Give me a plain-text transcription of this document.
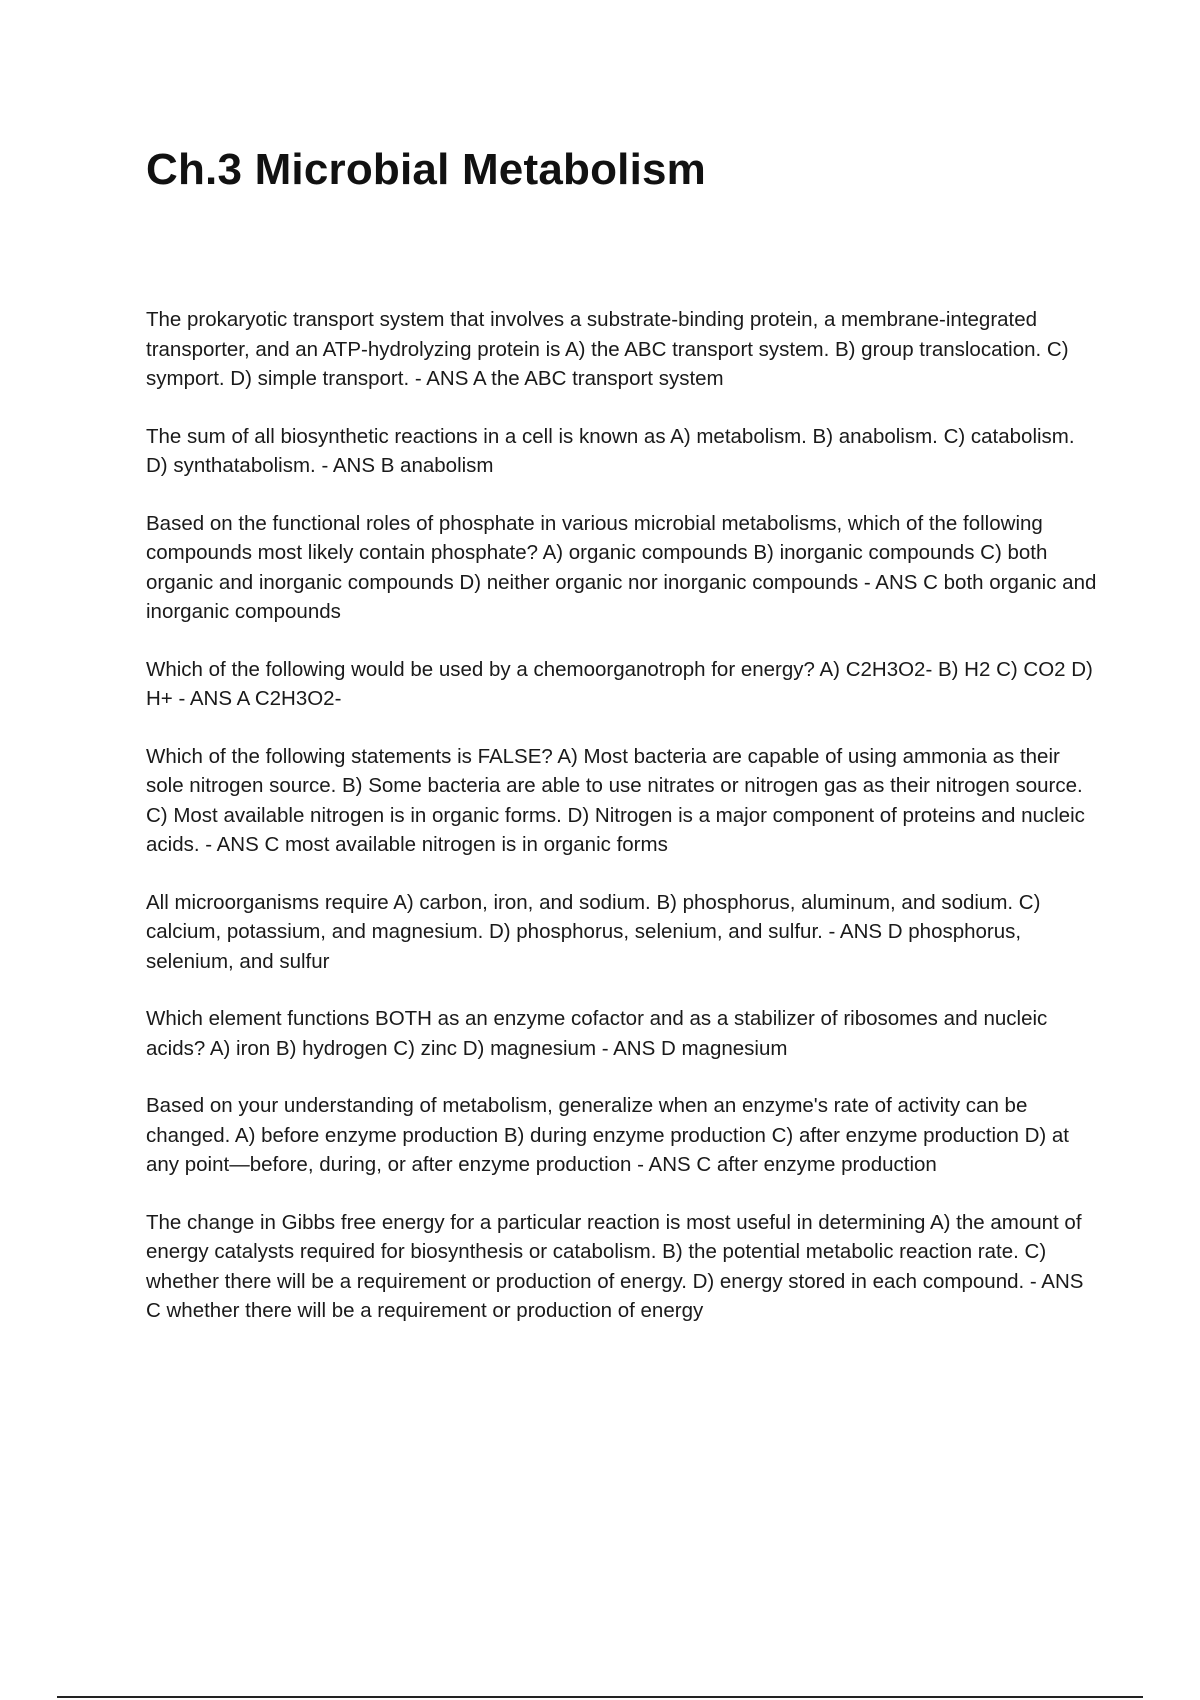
Ch.3 Microbial Metabolism

The prokaryotic transport system that involves a substrate-binding protein, a membrane-integrated transporter, and an ATP-hydrolyzing protein is A) the ABC transport system. B) group translocation. C) symport. D) simple transport. - ANS A the ABC transport system

The sum of all biosynthetic reactions in a cell is known as A) metabolism. B) anabolism. C) catabolism. D) synthatabolism. - ANS B anabolism

Based on the functional roles of phosphate in various microbial metabolisms, which of the following compounds most likely contain phosphate? A) organic compounds B) inorganic compounds C) both organic and inorganic compounds D) neither organic nor inorganic compounds - ANS C both organic and inorganic compounds

Which of the following would be used by a chemoorganotroph for energy? A) C2H3O2- B) H2 C) CO2 D) H+ - ANS A C2H3O2-

Which of the following statements is FALSE? A) Most bacteria are capable of using ammonia as their sole nitrogen source. B) Some bacteria are able to use nitrates or nitrogen gas as their nitrogen source. C) Most available nitrogen is in organic forms. D) Nitrogen is a major component of proteins and nucleic acids. - ANS C most available nitrogen is in organic forms

All microorganisms require A) carbon, iron, and sodium. B) phosphorus, aluminum, and sodium. C) calcium, potassium, and magnesium. D) phosphorus, selenium, and sulfur. - ANS D phosphorus, selenium, and sulfur

Which element functions BOTH as an enzyme cofactor and as a stabilizer of ribosomes and nucleic acids? A) iron B) hydrogen C) zinc D) magnesium - ANS D magnesium

Based on your understanding of metabolism, generalize when an enzyme's rate of activity can be changed. A) before enzyme production B) during enzyme production C) after enzyme production D) at any point—before, during, or after enzyme production - ANS C after enzyme production

The change in Gibbs free energy for a particular reaction is most useful in determining A) the amount of energy catalysts required for biosynthesis or catabolism. B) the potential metabolic reaction rate. C) whether there will be a requirement or production of energy. D) energy stored in each compound. - ANS C whether there will be a requirement or production of energy
